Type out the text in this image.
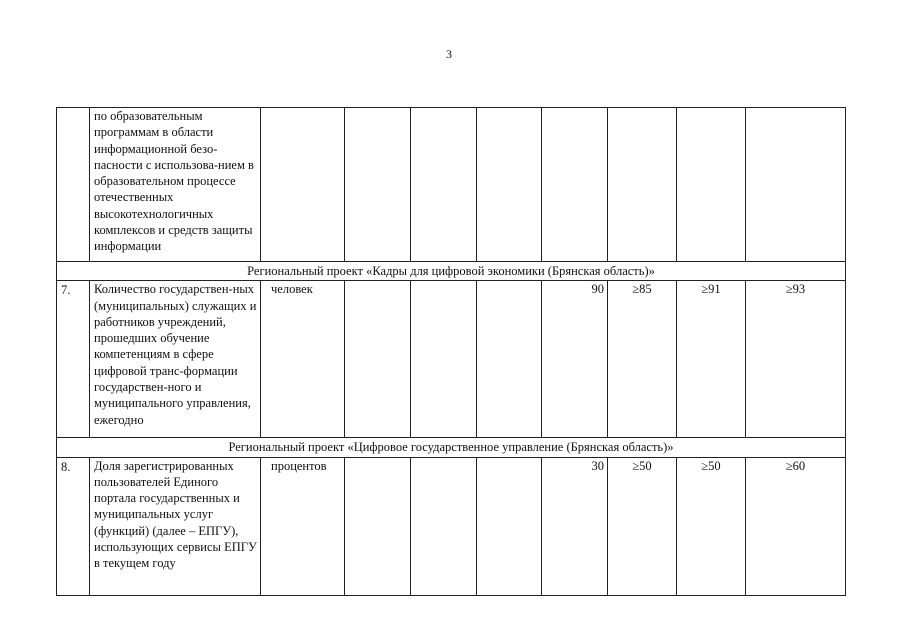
3

	по образовательным программам в области информационной безо-пасности с использова-нием в образовательном процессе отечественных высокотехнологичных комплексов и средств защиты информации								

Региональный проект «Кадры для цифровой экономики (Брянская область)»									
7.	Количество государствен-ных (муниципальных) служащих и работников учреждений, прошедших обучение компетенциям в сфере цифровой транс-формации государствен-ного и муниципального управления, ежегодно	человек				90	≥85	≥91	≥93
Региональный проект «Цифровое государственное управление (Брянская область)»									
8.	Доля зарегистрированных пользователей Единого портала государственных и муниципальных услуг (функций) (далее – ЕПГУ), использующих сервисы ЕПГУ в текущем году	процентов				30	≥50	≥50	≥60
